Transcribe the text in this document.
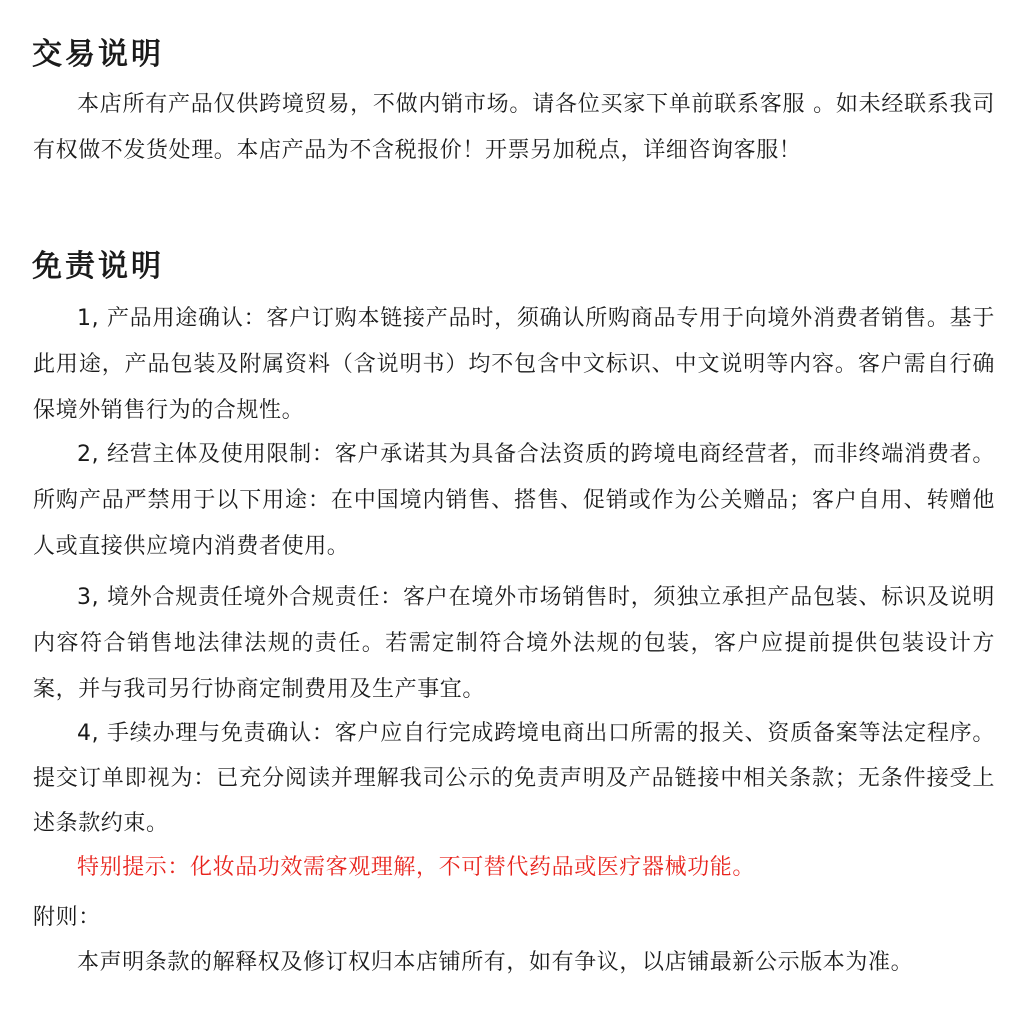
交易说明

本店所有产品仅供跨境贸易，不做内销市场。请各位买家下单前联系客服 。如未经联系我司有权做不发货处理。本店产品为不含税报价！开票另加税点，详细咨询客服！

免责说明

1, 产品用途确认：客户订购本链接产品时，须确认所购商品专用于向境外消费者销售。基于此用途，产品包装及附属资料（含说明书）均不包含中文标识、中文说明等内容。客户需自行确保境外销售行为的合规性。

2, 经营主体及使用限制：客户承诺其为具备合法资质的跨境电商经营者，而非终端消费者。所购产品严禁用于以下用途：在中国境内销售、搭售、促销或作为公关赠品；客户自用、转赠他人或直接供应境内消费者使用。

3, 境外合规责任境外合规责任：客户在境外市场销售时，须独立承担产品包装、标识及说明内容符合销售地法律法规的责任。若需定制符合境外法规的包装，客户应提前提供包装设计方案，并与我司另行协商定制费用及生产事宜。

4, 手续办理与免责确认：客户应自行完成跨境电商出口所需的报关、资质备案等法定程序。提交订单即视为：已充分阅读并理解我司公示的免责声明及产品链接中相关条款；无条件接受上述条款约束。

特别提示：化妆品功效需客观理解，不可替代药品或医疗器械功能。

附则：

本声明条款的解释权及修订权归本店铺所有，如有争议，以店铺最新公示版本为准。
